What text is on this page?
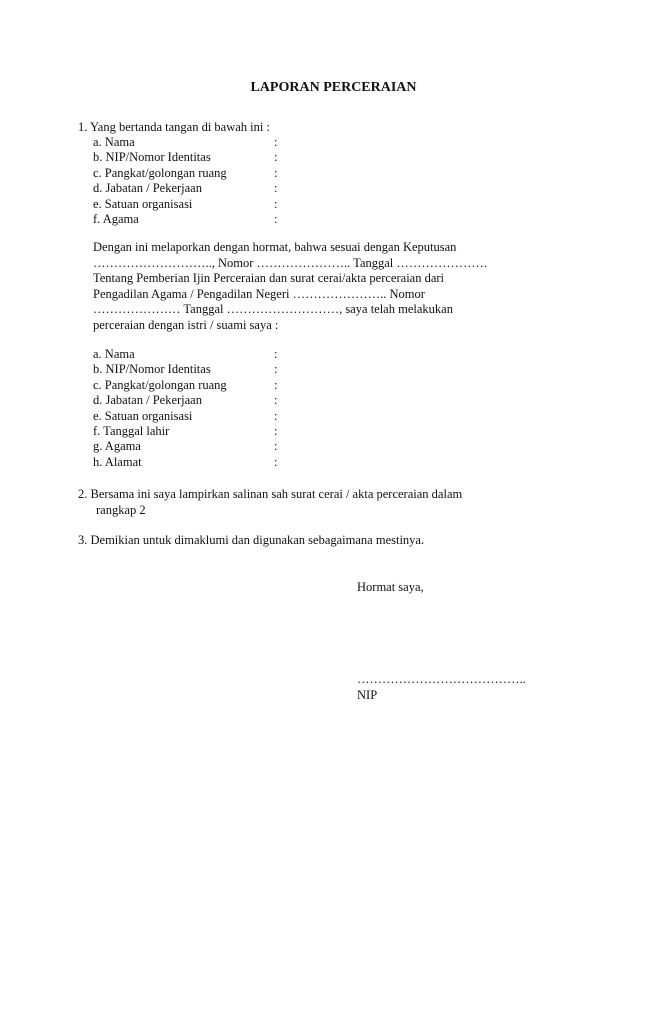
LAPORAN PERCERAIAN
1. Yang bertanda tangan di bawah ini :
a. Nama	:
b. NIP/Nomor Identitas	:
c. Pangkat/golongan ruang	:
d. Jabatan / Pekerjaan	:
e. Satuan organisasi	:
f. Agama	:
Dengan ini melaporkan dengan hormat, bahwa sesuai dengan Keputusan
……………………….., Nomor ………………….. Tanggal ………………….
Tentang Pemberian Ijin Perceraian dan surat cerai/akta perceraian dari
Pengadilan Agama / Pengadilan Negeri ………………….. Nomor
………………… Tanggal ………………………, saya telah melakukan
perceraian dengan istri / suami saya :
a. Nama	:
b. NIP/Nomor Identitas	:
c. Pangkat/golongan ruang	:
d. Jabatan / Pekerjaan	:
e. Satuan organisasi	:
f. Tanggal lahir	:
g. Agama	:
h. Alamat	:
2. Bersama ini saya lampirkan salinan sah surat cerai / akta perceraian dalam
rangkap 2
3. Demikian untuk dimaklumi dan digunakan sebagaimana mestinya.
Hormat saya,
…………………………………..
NIP
